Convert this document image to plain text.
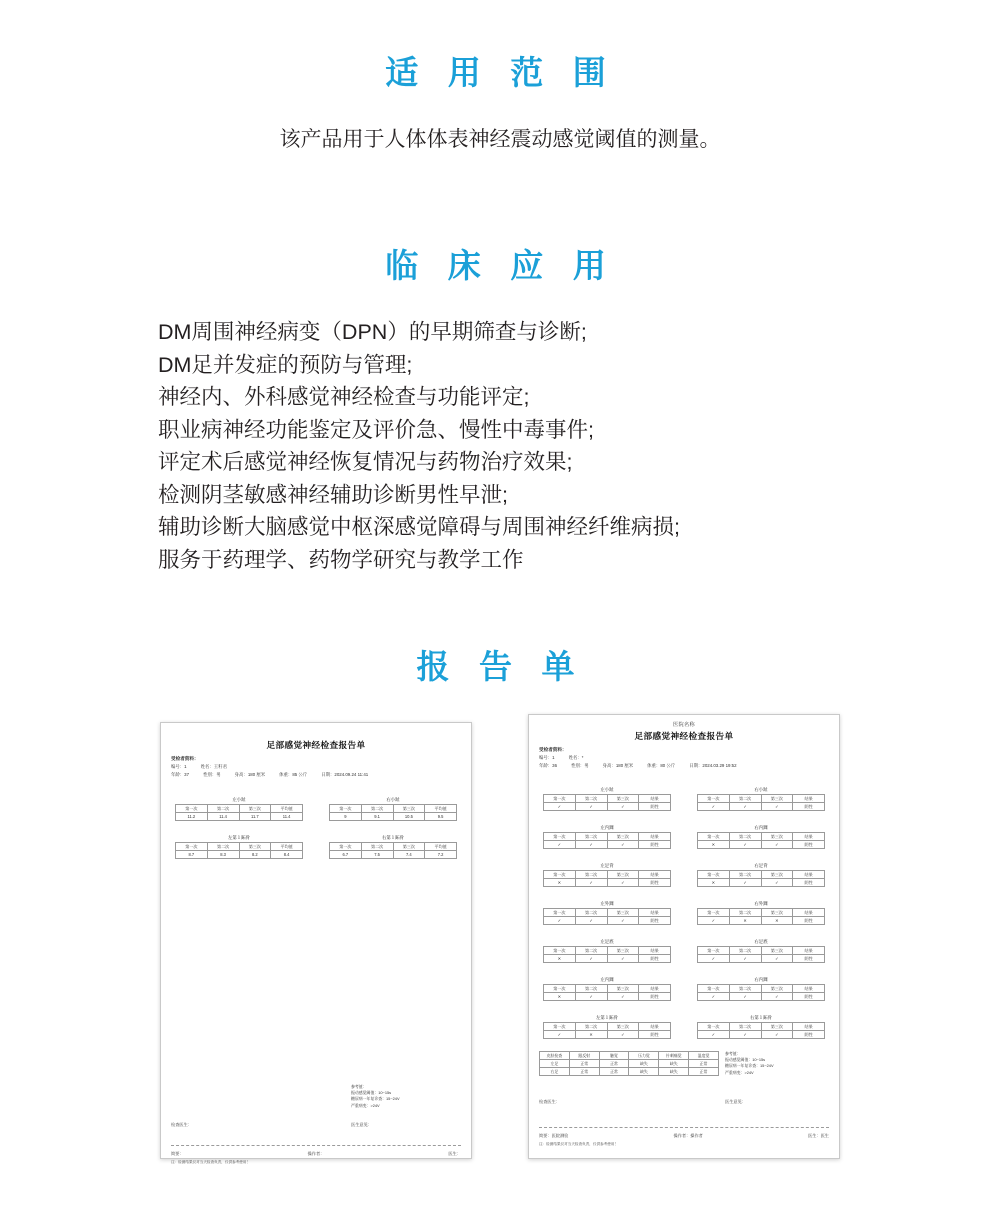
适 用 范 围
该产品用于人体体表神经震动感觉阈值的测量。
临 床 应 用
DM周围神经病变（DPN）的早期筛查与诊断;
DM足并发症的预防与管理;
神经内、外科感觉神经检查与功能评定;
职业病神经功能鉴定及评价急、慢性中毒事件;
评定术后感觉神经恢复情况与药物治疗效果;
检测阴茎敏感神经辅助诊断男性早泄;
辅助诊断大脑感觉中枢深感觉障碍与周围神经纤维病损;
服务于药理学、药物学研究与教学工作
报 告 单
足部感觉神经检查报告单
受检者资料：
编号：1	姓名：王籽君
年龄：37	性别：男	身高：180 厘米	体重：85 公斤	日期：2024.09.24 11:41
左小趾
第一次	第二次	第三次	平均值
11.2	11.4	11.7	11.4
右小趾
第一次	第二次	第三次	平均值
9	9.1	10.5	9.5
左第１跖骨
第一次	第二次	第三次	平均值
8.7	8.3	8.2	8.4
右第１跖骨
第一次	第二次	第三次	平均值
6.7	7.5	7.4	7.2
参考值：
振动感觉阈值：10~15s
糖尿病一年复诊查：15~24V
严重病变：>24V
检查医生：	医生意见：
简要：	操作者：	医生：
注：检测结果仅对当天检查负责，仅供参考使用！
医院名称
足部感觉神经检查报告单
受检者资料：
编号：1	姓名：*
年龄：36	性别：男	身高：180 厘米	体重：80 公斤	日期：2024.03.29 19:52
左小趾
第一次	第二次	第三次	结果
✓	✓	✓	阴性
右小趾
第一次	第二次	第三次	结果
✓	✓	✓	阴性
左内踝
第一次	第二次	第三次	结果
✓	✓	✓	阴性
右内踝
第一次	第二次	第三次	结果
✕	✓	✓	阴性
左足背
第一次	第二次	第三次	结果
✕	✓	✓	阴性
右足背
第一次	第二次	第三次	结果
✕	✓	✓	阴性
左外踝
第一次	第二次	第三次	结果
✓	✓	✓	阴性
右外踝
第一次	第二次	第三次	结果
✓	✕	✕	阴性
左足底
第一次	第二次	第三次	结果
✕	✓	✓	阴性
右足底
第一次	第二次	第三次	结果
✓	✓	✓	阴性
左内踝
第一次	第二次	第三次	结果
✕	✓	✓	阴性
右内踝
第一次	第二次	第三次	结果
✓	✓	✓	阴性
左第１跖骨
第一次	第二次	第三次	结果
✓	✕	✓	阴性
右第１跖骨
第一次	第二次	第三次	结果
✓	✓	✓	阴性
皮肤检查	跟反射	触觉	压力觉	针刺痛觉	温度觉
左足	正常	正常	缺失	缺失	正常
右足	正常	正常	缺失	缺失	正常
参考值：
振动感觉阈值：10~15s
糖尿病一年复诊查：15~24V
严重病变：>24V
检查医生：	医生意见：
简要：医院测验	操作者：操作者	医生：医生
注：检测结果仅对当天检查负责，仅供参考使用！
